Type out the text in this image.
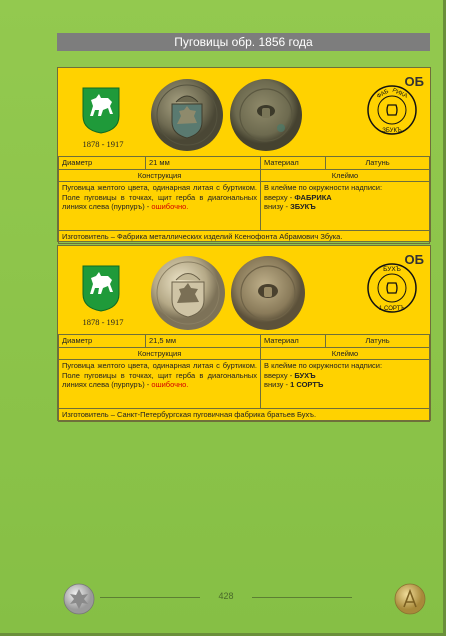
Пуговицы обр. 1856 года
1878 - 1917
ФАБ РИКА
ЗБУКЪ
ОБ
Диаметр	21 мм	Материал	Латунь
Конструкция		Клеймо	
Пуговица желтого цвета, одинарная литая с буртиком. Поле пуговицы в точках, щит герба в диагональных линиях слева (пурпуръ) - ошибочно.		В клейме по окружности надписи:
вверху - ФАБРИКА
внизу - ЗБУКЪ	

Изготовитель – Фабрика металлических изделий Ксенофонта Абрамович Збука.			
1878 - 1917
БУХЪ
1 СОРТЪ
ОБ
Диаметр	21,5 мм	Материал	Латунь
Конструкция		Клеймо	
Пуговица желтого цвета, одинарная литая с буртиком. Поле пуговицы в точках, щит герба в диагональных линиях слева (пурпуръ) - ошибочно.		В клейме по окружности надписи:
вверху - БУХЪ
внизу - 1 СОРТЪ	

Изготовитель – Санкт-Петербургская пуговичная фабрика братьев Бухъ.			
428
